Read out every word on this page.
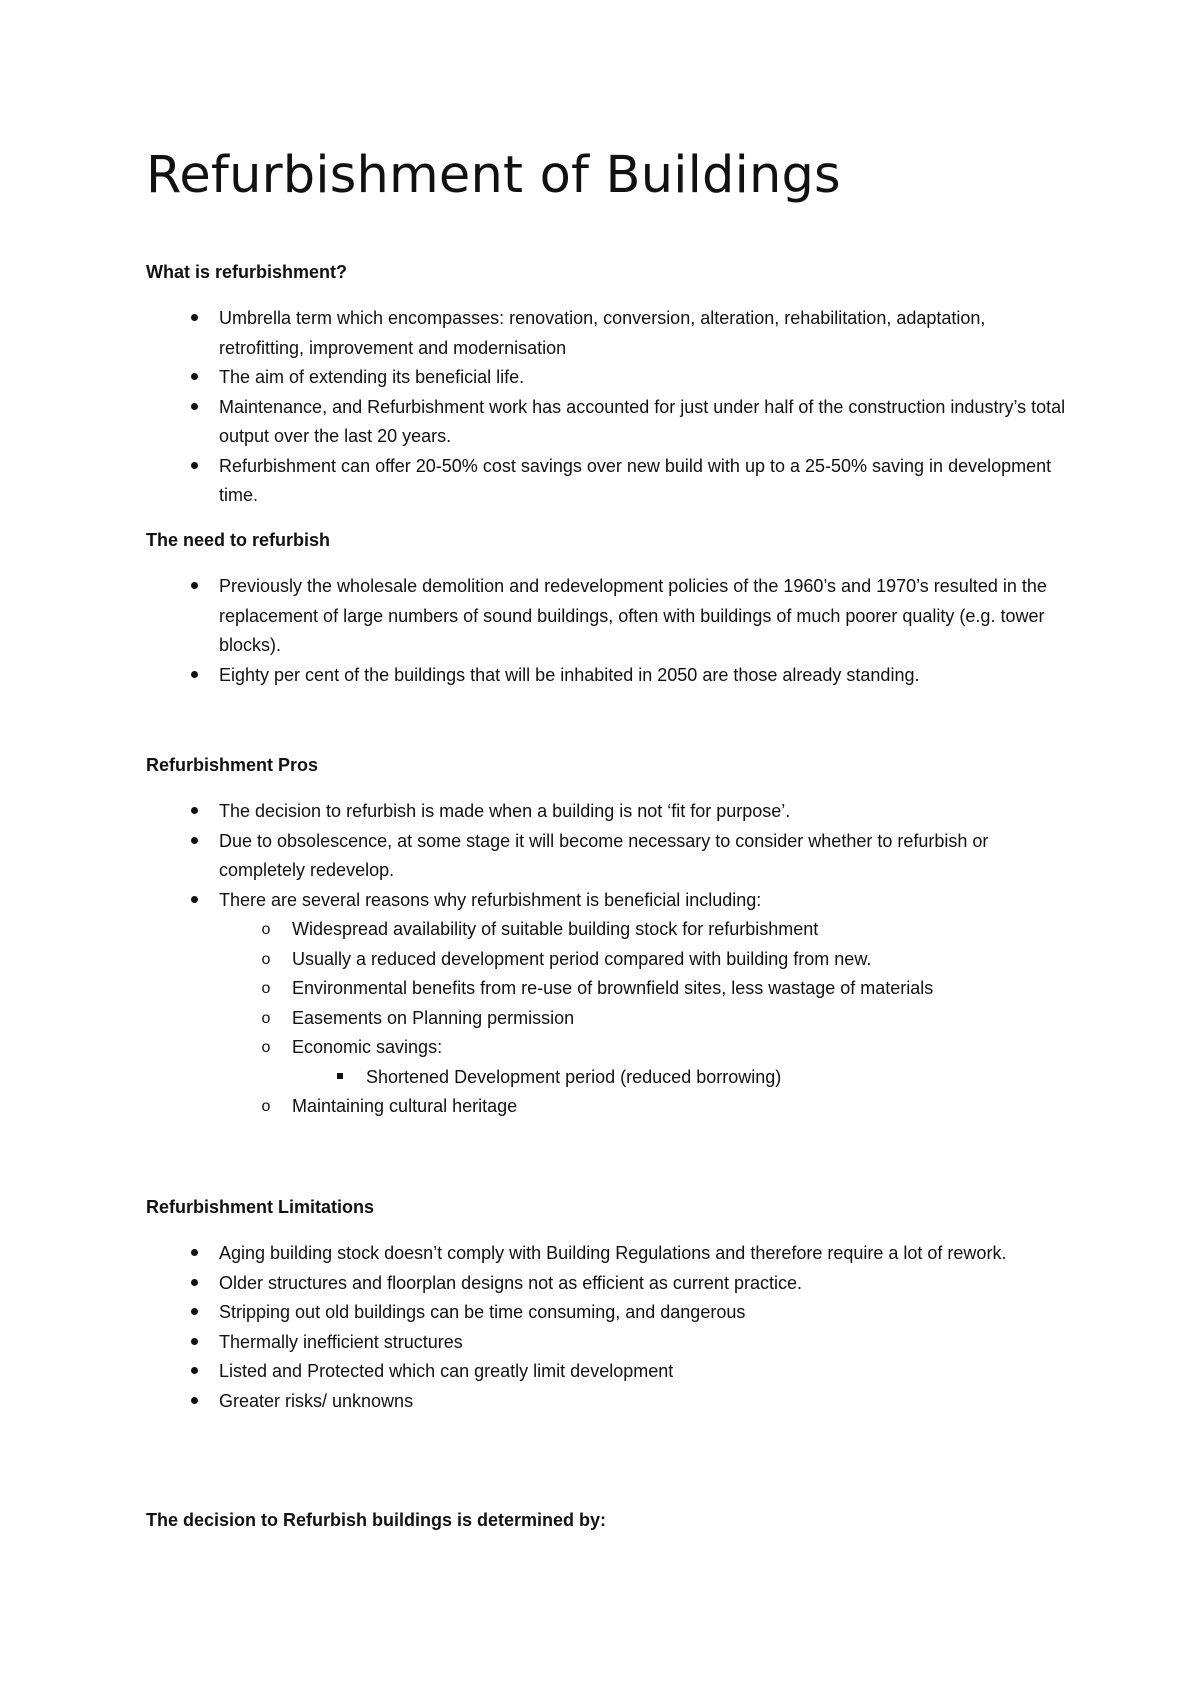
Refurbishment of Buildings
What is refurbishment?
Umbrella term which encompasses: renovation, conversion, alteration, rehabilitation, adaptation, retrofitting, improvement and modernisation
The aim of extending its beneficial life.
Maintenance, and Refurbishment work has accounted for just under half of the construction industry’s total output over the last 20 years.
Refurbishment can offer 20-50% cost savings over new build with up to a 25-50% saving in development time.
The need to refurbish
Previously the wholesale demolition and redevelopment policies of the 1960’s and 1970’s resulted in the replacement of large numbers of sound buildings, often with buildings of much poorer quality (e.g. tower blocks).
Eighty per cent of the buildings that will be inhabited in 2050 are those already standing.
Refurbishment Pros
The decision to refurbish is made when a building is not ‘fit for purpose’.
Due to obsolescence, at some stage it will become necessary to consider whether to refurbish or completely redevelop.
There are several reasons why refurbishment is beneficial including:
o Widespread availability of suitable building stock for refurbishment
o Usually a reduced development period compared with building from new.
o Environmental benefits from re-use of brownfield sites, less wastage of materials
o Easements on Planning permission
o Economic savings:
Shortened Development period (reduced borrowing)
o Maintaining cultural heritage
Refurbishment Limitations
Aging building stock doesn’t comply with Building Regulations and therefore require a lot of rework.
Older structures and floorplan designs not as efficient as current practice.
Stripping out old buildings can be time consuming, and dangerous
Thermally inefficient structures
Listed and Protected which can greatly limit development
Greater risks/ unknowns
The decision to Refurbish buildings is determined by:
